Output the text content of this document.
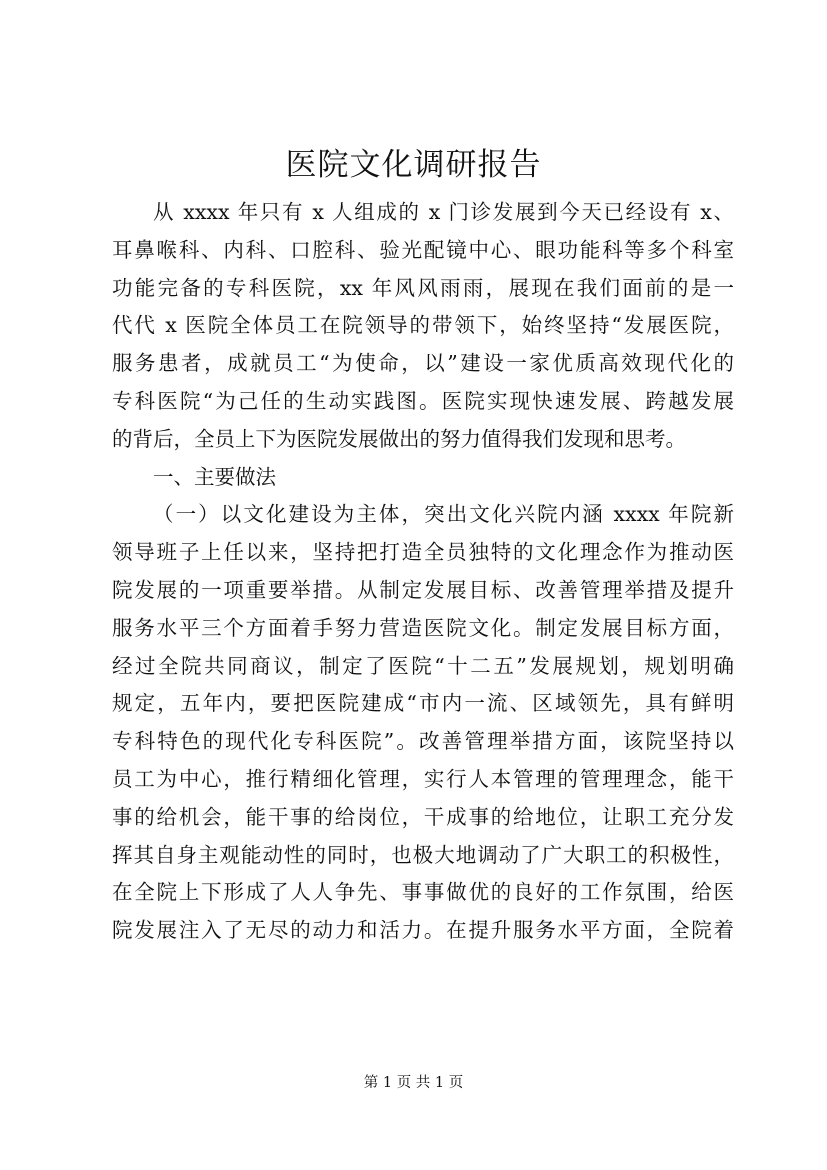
医院文化调研报告
从 xxxx 年只有 x 人组成的 x 门诊发展到今天已经设有 x、
耳鼻喉科、内科、口腔科、验光配镜中心、眼功能科等多个科室
功能完备的专科医院，xx 年风风雨雨，展现在我们面前的是一
代代 x 医院全体员工在院领导的带领下，始终坚持“发展医院，
服务患者，成就员工“为使命，以”建设一家优质高效现代化的
专科医院“为己任的生动实践图。医院实现快速发展、跨越发展
的背后，全员上下为医院发展做出的努力值得我们发现和思考。
一、主要做法
（一）以文化建设为主体，突出文化兴院内涵 xxxx 年院新
领导班子上任以来，坚持把打造全员独特的文化理念作为推动医
院发展的一项重要举措。从制定发展目标、改善管理举措及提升
服务水平三个方面着手努力营造医院文化。制定发展目标方面，
经过全院共同商议，制定了医院“十二五”发展规划，规划明确
规定，五年内，要把医院建成“市内一流、区域领先，具有鲜明
专科特色的现代化专科医院”。改善管理举措方面，该院坚持以
员工为中心，推行精细化管理，实行人本管理的管理理念，能干
事的给机会，能干事的给岗位，干成事的给地位，让职工充分发
挥其自身主观能动性的同时，也极大地调动了广大职工的积极性，
在全院上下形成了人人争先、事事做优的良好的工作氛围，给医
院发展注入了无尽的动力和活力。在提升服务水平方面，全院着
第 1 页 共 1 页
